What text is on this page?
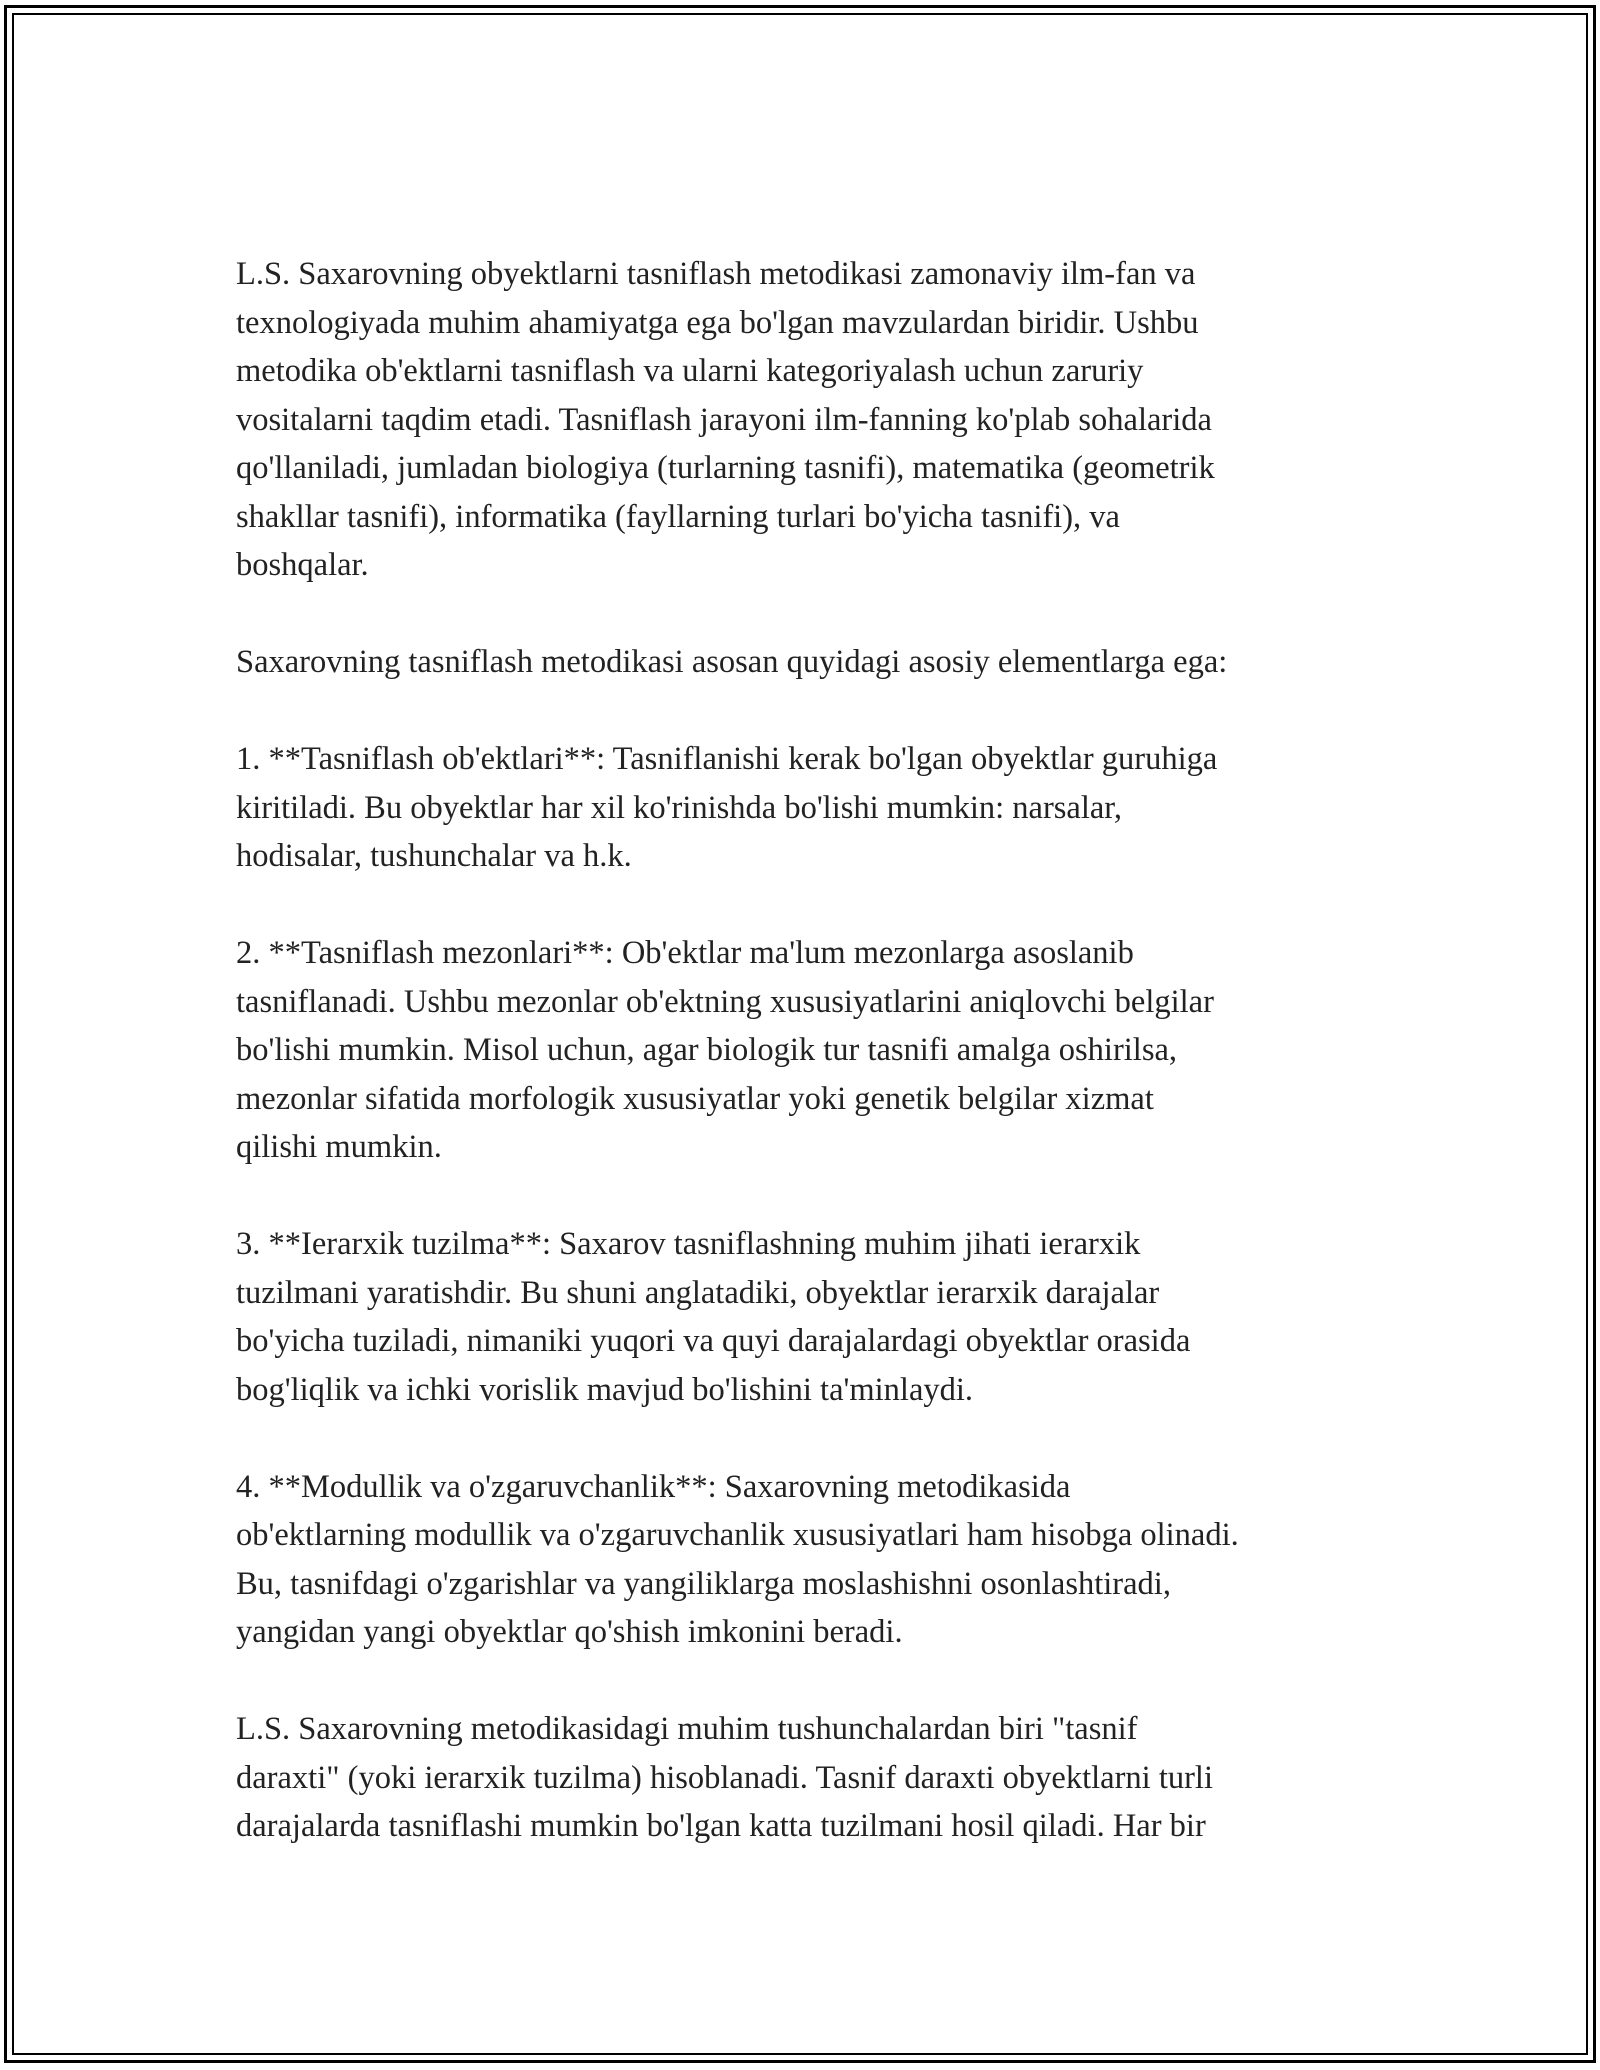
L.S. Saxarovning obyektlarni tasniflash metodikasi zamonaviy ilm-fan va
texnologiyada muhim ahamiyatga ega bo'lgan mavzulardan biridir. Ushbu
metodika ob'ektlarni tasniflash va ularni kategoriyalash uchun zaruriy
vositalarni taqdim etadi. Tasniflash jarayoni ilm-fanning ko'plab sohalarida
qo'llaniladi, jumladan biologiya (turlarning tasnifi), matematika (geometrik
shakllar tasnifi), informatika (fayllarning turlari bo'yicha tasnifi), va
boshqalar.

Saxarovning tasniflash metodikasi asosan quyidagi asosiy elementlarga ega:

1. **Tasniflash ob'ektlari**: Tasniflanishi kerak bo'lgan obyektlar guruhiga
kiritiladi. Bu obyektlar har xil ko'rinishda bo'lishi mumkin: narsalar,
hodisalar, tushunchalar va h.k.

2. **Tasniflash mezonlari**: Ob'ektlar ma'lum mezonlarga asoslanib
tasniflanadi. Ushbu mezonlar ob'ektning xususiyatlarini aniqlovchi belgilar
bo'lishi mumkin. Misol uchun, agar biologik tur tasnifi amalga oshirilsa,
mezonlar sifatida morfologik xususiyatlar yoki genetik belgilar xizmat
qilishi mumkin.

3. **Ierarxik tuzilma**: Saxarov tasniflashning muhim jihati ierarxik
tuzilmani yaratishdir. Bu shuni anglatadiki, obyektlar ierarxik darajalar
bo'yicha tuziladi, nimaniki yuqori va quyi darajalardagi obyektlar orasida
bog'liqlik va ichki vorislik mavjud bo'lishini ta'minlaydi.

4. **Modullik va o'zgaruvchanlik**: Saxarovning metodikasida
ob'ektlarning modullik va o'zgaruvchanlik xususiyatlari ham hisobga olinadi.
Bu, tasnifdagi o'zgarishlar va yangiliklarga moslashishni osonlashtiradi,
yangidan yangi obyektlar qo'shish imkonini beradi.

L.S. Saxarovning metodikasidagi muhim tushunchalardan biri "tasnif
daraxti" (yoki ierarxik tuzilma) hisoblanadi. Tasnif daraxti obyektlarni turli
darajalarda tasniflashi mumkin bo'lgan katta tuzilmani hosil qiladi. Har bir
